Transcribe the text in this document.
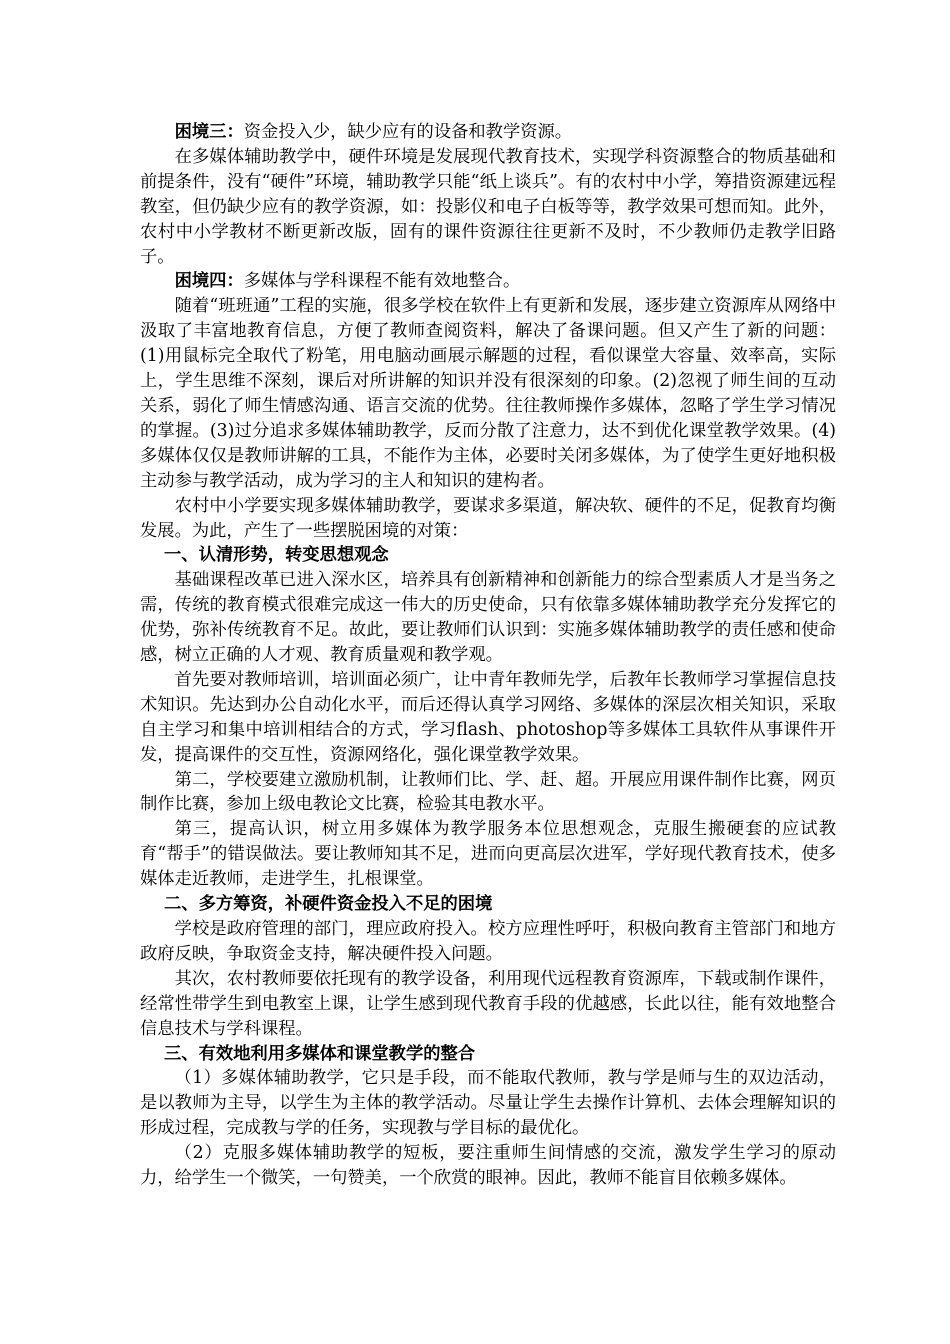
困境三：资金投入少，缺少应有的设备和教学资源。

在多媒体辅助教学中，硬件环境是发展现代教育技术，实现学科资源整合的物质基础和前提条件，没有“硬件”环境，辅助教学只能“纸上谈兵”。有的农村中小学，筹措资源建远程教室，但仍缺少应有的教学资源，如：投影仪和电子白板等等，教学效果可想而知。此外，农村中小学教材不断更新改版，固有的课件资源往往更新不及时，不少教师仍走教学旧路子。

困境四：多媒体与学科课程不能有效地整合。

随着“班班通”工程的实施，很多学校在软件上有更新和发展，逐步建立资源库从网络中汲取了丰富地教育信息，方便了教师查阅资料，解决了备课问题。但又产生了新的问题：(1)用鼠标完全取代了粉笔，用电脑动画展示解题的过程，看似课堂大容量、效率高，实际上，学生思维不深刻，课后对所讲解的知识并没有很深刻的印象。(2)忽视了师生间的互动关系，弱化了师生情感沟通、语言交流的优势。往往教师操作多媒体，忽略了学生学习情况的掌握。(3)过分追求多媒体辅助教学，反而分散了注意力，达不到优化课堂教学效果。(4)多媒体仅仅是教师讲解的工具，不能作为主体，必要时关闭多媒体，为了使学生更好地积极主动参与教学活动，成为学习的主人和知识的建构者。

农村中小学要实现多媒体辅助教学，要谋求多渠道，解决软、硬件的不足，促教育均衡发展。为此，产生了一些摆脱困境的对策：

一、认清形势，转变思想观念

基础课程改革已进入深水区，培养具有创新精神和创新能力的综合型素质人才是当务之需，传统的教育模式很难完成这一伟大的历史使命，只有依靠多媒体辅助教学充分发挥它的优势，弥补传统教育不足。故此，要让教师们认识到：实施多媒体辅助教学的责任感和使命感，树立正确的人才观、教育质量观和教学观。

首先要对教师培训，培训面必须广，让中青年教师先学，后教年长教师学习掌握信息技术知识。先达到办公自动化水平，而后还得认真学习网络、多媒体的深层次相关知识，采取自主学习和集中培训相结合的方式，学习flash、photoshop等多媒体工具软件从事课件开发，提高课件的交互性，资源网络化，强化课堂教学效果。

第二，学校要建立激励机制，让教师们比、学、赶、超。开展应用课件制作比赛，网页制作比赛，参加上级电教论文比赛，检验其电教水平。

第三，提高认识，树立用多媒体为教学服务本位思想观念，克服生搬硬套的应试教育“帮手”的错误做法。要让教师知其不足，进而向更高层次进军，学好现代教育技术，使多媒体走近教师，走进学生，扎根课堂。

二、多方筹资，补硬件资金投入不足的困境

学校是政府管理的部门，理应政府投入。校方应理性呼吁，积极向教育主管部门和地方政府反映，争取资金支持，解决硬件投入问题。

其次，农村教师要依托现有的教学设备，利用现代远程教育资源库，下载或制作课件，经常性带学生到电教室上课，让学生感到现代教育手段的优越感，长此以往，能有效地整合信息技术与学科课程。

三、有效地利用多媒体和课堂教学的整合

（1）多媒体辅助教学，它只是手段，而不能取代教师，教与学是师与生的双边活动，是以教师为主导，以学生为主体的教学活动。尽量让学生去操作计算机、去体会理解知识的形成过程，完成教与学的任务，实现教与学目标的最优化。

（2）克服多媒体辅助教学的短板，要注重师生间情感的交流，激发学生学习的原动力，给学生一个微笑，一句赞美，一个欣赏的眼神。因此，教师不能盲目依赖多媒体。
